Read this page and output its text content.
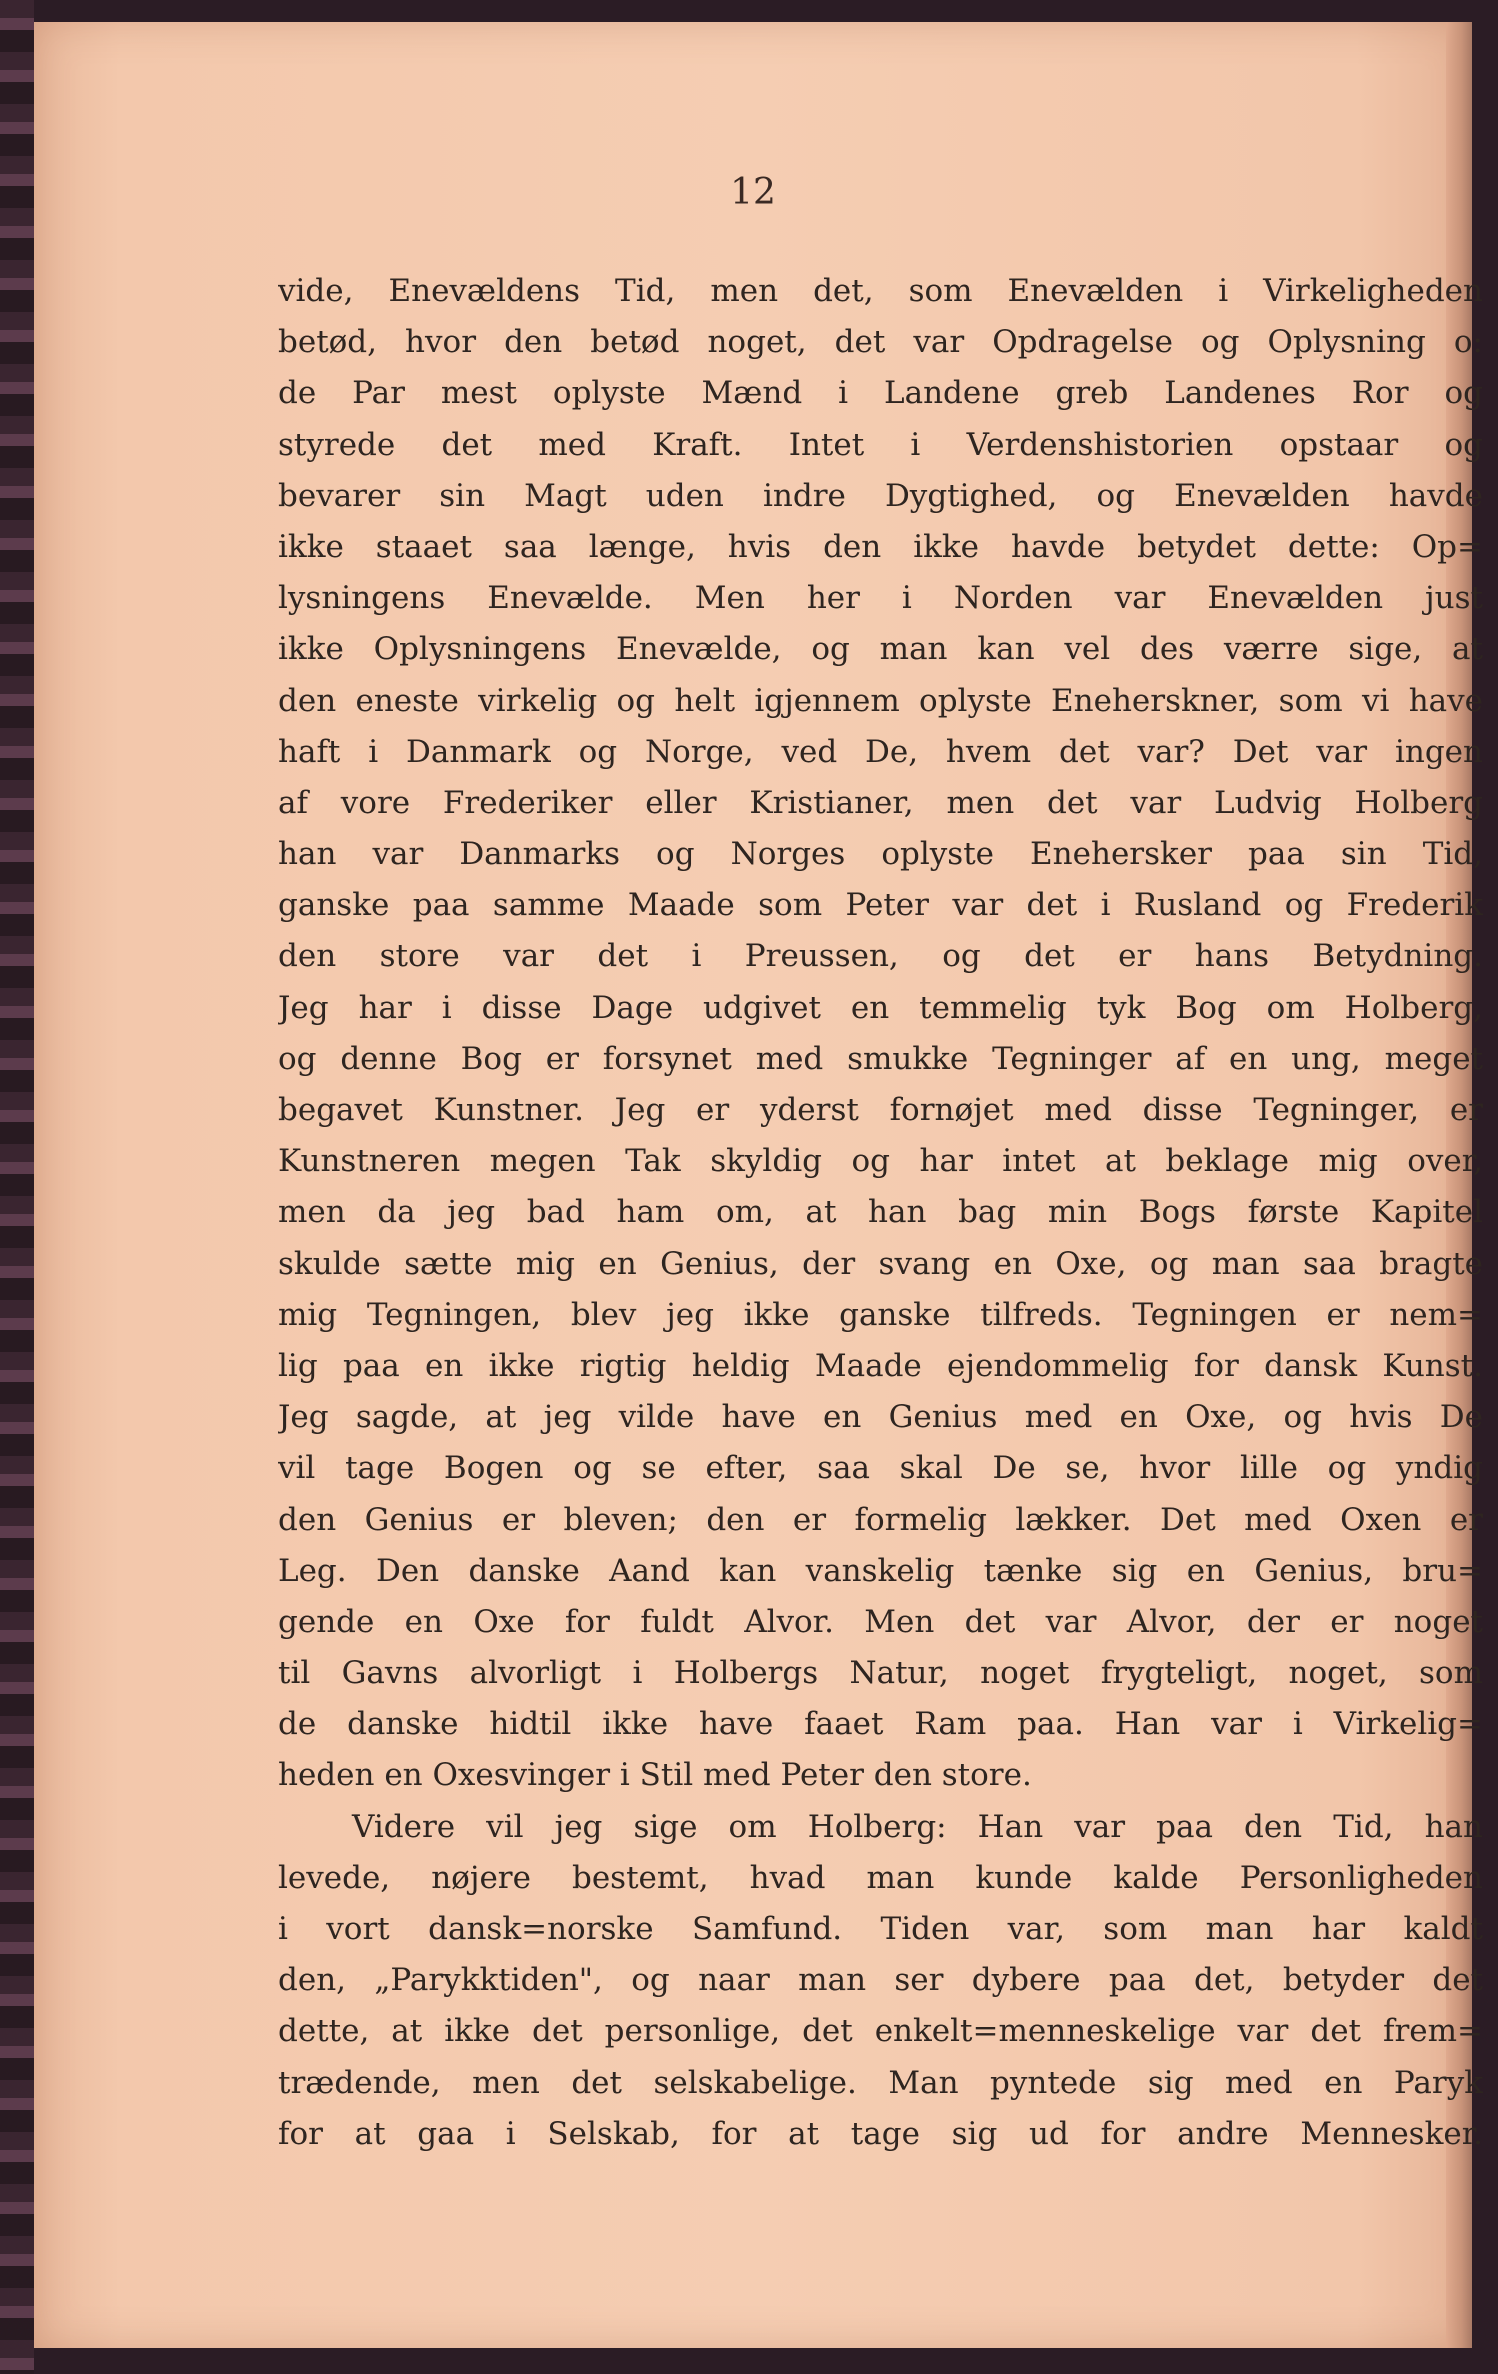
12
vide, Enevældens Tid, men det, som Enevælden i Virkeligheden
betød, hvor den betød noget, det var Opdragelse og Oplysning o:
de Par mest oplyste Mænd i Landene greb Landenes Ror og
styrede det med Kraft. Intet i Verdenshistorien opstaar og
bevarer sin Magt uden indre Dygtighed, og Enevælden havde
ikke staaet saa længe, hvis den ikke havde betydet dette: Op=
lysningens Enevælde. Men her i Norden var Enevælden just
ikke Oplysningens Enevælde, og man kan vel des værre sige, at
den eneste virkelig og helt igjennem oplyste Eneherskner, som vi have
haft i Danmark og Norge, ved De, hvem det var? Det var ingen
af vore Frederiker eller Kristianer, men det var Ludvig Holberg
han var Danmarks og Norges oplyste Enehersker paa sin Tid,
ganske paa samme Maade som Peter var det i Rusland og Frederik
den store var det i Preussen, og det er hans Betydning.
Jeg har i disse Dage udgivet en temmelig tyk Bog om Holberg,
og denne Bog er forsynet med smukke Tegninger af en ung, meget
begavet Kunstner. Jeg er yderst fornøjet med disse Tegninger, er
Kunstneren megen Tak skyldig og har intet at beklage mig over,
men da jeg bad ham om, at han bag min Bogs første Kapitel
skulde sætte mig en Genius, der svang en Oxe, og man saa bragte
mig Tegningen, blev jeg ikke ganske tilfreds. Tegningen er nem=
lig paa en ikke rigtig heldig Maade ejendommelig for dansk Kunst.
Jeg sagde, at jeg vilde have en Genius med en Oxe, og hvis De
vil tage Bogen og se efter, saa skal De se, hvor lille og yndig
den Genius er bleven; den er formelig lækker. Det med Oxen er
Leg. Den danske Aand kan vanskelig tænke sig en Genius, bru=
gende en Oxe for fuldt Alvor. Men det var Alvor, der er noget
til Gavns alvorligt i Holbergs Natur, noget frygteligt, noget, som
de danske hidtil ikke have faaet Ram paa. Han var i Virkelig=
heden en Oxesvinger i Stil med Peter den store.
Videre vil jeg sige om Holberg: Han var paa den Tid, han
levede, nøjere bestemt, hvad man kunde kalde Personligheden
i vort dansk=norske Samfund. Tiden var, som man har kaldt
den, „Parykktiden", og naar man ser dybere paa det, betyder det
dette, at ikke det personlige, det enkelt=menneskelige var det frem=
trædende, men det selskabelige. Man pyntede sig med en Paryk
for at gaa i Selskab, for at tage sig ud for andre Mennesker.
